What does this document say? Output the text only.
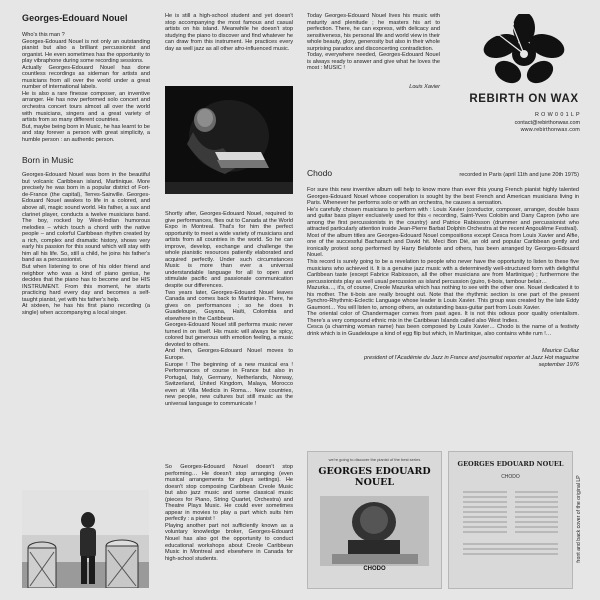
Georges-Edouard Nouel

Who's this man ?
Georges-Edouard Nouel is not only an outstanding pianist but also a brilliant percussionist and organist. He even sometimes has the opportunity to play vibraphone during some recording sessions.
Actually Georges-Edouard Nouel has done countless recordings as sideman for artists and musicians from all over the world under a great number of international labels.
He is also a rare finesse composer, an inventive arranger. He has now performed solo concert and orchestra concert tours almost all over the world with musicians, singers and a great variety of artists from so many different countries.
But, maybe being born in Music, he has learnt to be and stay forever a person with great simplicity, a humble person : an authentic person.

Born in Music

Georges-Edouard Nouel was born in the beautiful but volcanic Caribbean island, Martinique. More precisely he was born in a popular district of Fort-de-France (the capital), Terres-Sainville. Georges-Edouard Nouel awakes to life in a colored, and above all, magic sound world. His father, a sax and clarinet player, conducts a twelve musicians band. The boy, rocked by West-Indian humorous melodies – which touch a chord with the native people – and colorful Caribbean rhythm created by a rich, complex and dramatic history, shows very early his passion for this sound which will stay with him all his life. So, still a child, he joins his father's band as a percussionist.
But when listening to one of his older friend and neighbor who was a kind of piano genius, he decides that the piano has to become and be HIS INSTRUMENT. From this moment, he starts practicing hard every day and becomes a self-taught pianist, yet with his father's help.
At sixteen, he has his first piano recording (a single) when accompanying a local singer.

He is still a high-school student and yet doesn't stop accompanying the most famous and casual artists on his island. Meanwhile he doesn't stop studying the piano to discover and find whatever he can draw from this instrument. He practices every day as well jazz as all other afro-influenced music.

Shortly after, Georges-Edouard Nouel, required to give performances, flies out to Canada at the World Expo in Montreal. That's for him the perfect opportunity to meet a wide variety of musicians and artists from all countries in the world. So he can improve, develop, exchange and challenge the whole pianistic resources patiently elaborated and acquired perfectly. Under such circumstances Music is more than ever a universal understandable language for all to open and stimulate pacific and passionate communication despite our differences.
Two years later, Georges-Edouard Nouel leaves Canada and comes back to Martinique. There, he gives on performances ; so he does in Guadeloupe, Guyana, Haïti, Colombia and elsewhere in the Caribbean.
Georges-Edouard Nouel still performs music never turned in on itself. His music will always be spicy, colored but generous with emotion feeling, a music devoted to others.
And then, Georges-Edouard Nouel moves to Europe.
Europe ! The beginning of a new musical era ! Performances of course in France but also in Portugal, Italy, Germany, Netherlands, Norway, Switzerland, United Kingdom, Malaya, Morocco even at Villa Medicis in Roma… New countries, new people, new cultures but still music as the universal language to communicate !

So Georges-Edouard Nouel doesn't stop performing… He doesn't stop arranging (even musical arrangements for plays settings). He doesn't stop composing Caribbean Creole Music but also jazz music and some classical music (pieces for Piano, String Quartet, Orchestra) and Theatre Plays Music. He could ever sometimes appear in movies to play a part which suits him perfectly : a pianist !
Playing another part not sufficiently known as a voluntary knowledge broker, Georges-Edouard Nouel has also got the opportunity to conduct educational workshops about Creole Caribbean Music in Montreal and elsewhere in Canada for high-school students.

Today Georges-Edouard Nouel lives his music with maturity and plenitude ; he masters his art to perfection. There, he can express, with delicacy and sensitiveness, his personal life and world view in their whole beauty, glory, generosity but also in their whole surprising paradox and disconcerting contradiction.
Today, everywhere needed, Georges-Edouard Nouel is always ready to answer and give what he loves the most : MUSIC !

Louis Xavier
REBIRTH ON WAX
R O W 0 0 1 L P
contact@rebirthonwax.com
www.rebirthonwax.com
Chodo	recorded in Paris (april 11th and june 20th 1975)

For sure this new inventive album will help to know more than ever this young French pianist highly talented Georges-Edouard Nouel whose cooperation is sought by the best French and American musicians living in Paris. Whenever he performs solo or with an orchestra, he causes a sensation.
He's carefully chosen musicians to perform with : Louis Xavier (conductor, composer, arranger, double bass and guitar bass player exclusively used for this « recording, Saint-Yves Colobin and Dany Capron (who are among the first percussionists in the country) and Patrice Rabiosson (drummer and percussionist who attracted particularly attention inside Jean-Pierre Barbat Dolphin Orchestra at the recent Angoulême Festival).
Most of the album titles are Georges-Edouard Nouel compositions except Cesca from Louis Xavier and Alfie, one of the successful Bacharach and David hit. Meci Bon Dié, an old and popular Caribbean gently and ironically protest song performed by Harry Belafonte and others, has been arranged by Georges-Edouard Nouel.
This record is surely going to be a revelation to people who never have the opportunity to listen to these five musicians who achieved it. It is a genuine jazz music with a determinedly well-structured form with delightful Caribbean taste (except Fabrice Rabiosson, all the other musicians are from Martinique) ; furthermore the percussionists play as well usual percussion as island percussion (guiro, ti-bois, tambour belair…
Mazurka…, it's, of course, Creole Mazurka which has nothing to see with the other one. Nouel dedicated it to his mother. The ti-bois are really brought out. Note that the rhythmic section is one part of the present Synchro-Rhythmic-Eclectic Language whose leader is Louis Xavier. This group was created by the late Eddy Gaumont… You will listen to, among others, an outstanding bass-guitar part from Louis Xavier.
The oriental color of Chandermager comes from past ages. It is not this odious poor quality orientalism. There's a very compound ethnic mix in the Caribbean Islands called also West Indies.
Cesca (a charming woman name) has been composed by Louis Xavier… Chodo is the name of a festivity drink which is in Guadeloupe a kind of egg flip but which, in Martinique, also contains white rum !…

Maurice Cullaz
president of l'Académie du Jazz in France and journalist reporter at Jazz Hot magazine
september 1976
we're going to discover the pianist of the best series
GEORGES EDOUARD NOUEL
CHODO
GEORGES EDOUARD NOUEL
CHODO	front and back cover of the original LP
